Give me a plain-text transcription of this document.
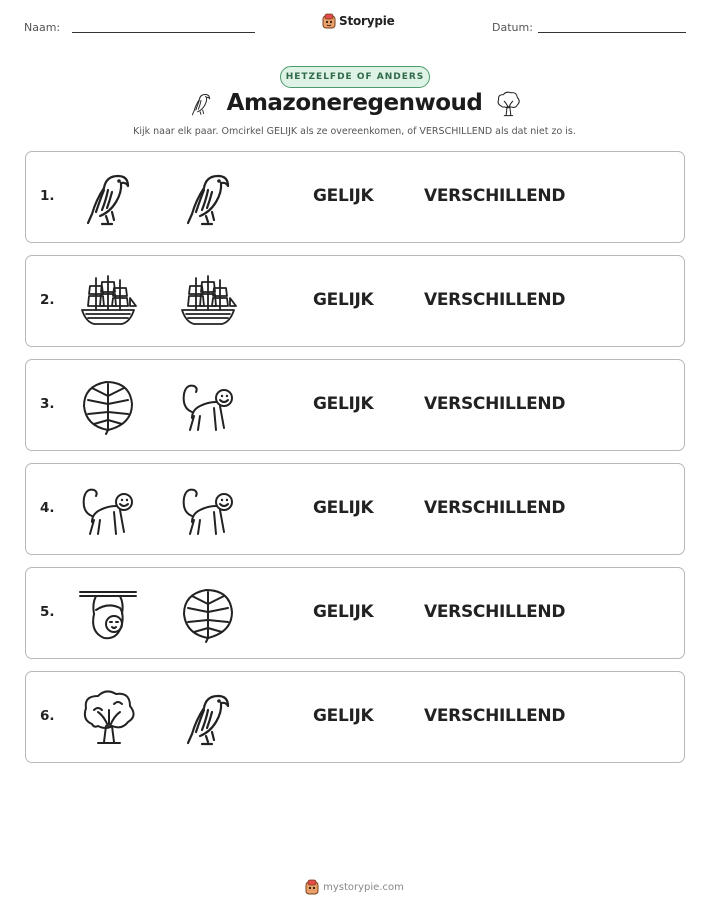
Naam:	Storypie	Datum:
HETZELFDE OF ANDERS
Amazoneregenwoud
Kijk naar elk paar. Omcirkel GELIJK als ze overeenkomen, of VERSCHILLEND als dat niet zo is.
1.	GELIJK	VERSCHILLEND
2.	GELIJK	VERSCHILLEND
3.	GELIJK	VERSCHILLEND
4.	GELIJK	VERSCHILLEND
5.	GELIJK	VERSCHILLEND
6.	GELIJK	VERSCHILLEND
mystorypie.com
